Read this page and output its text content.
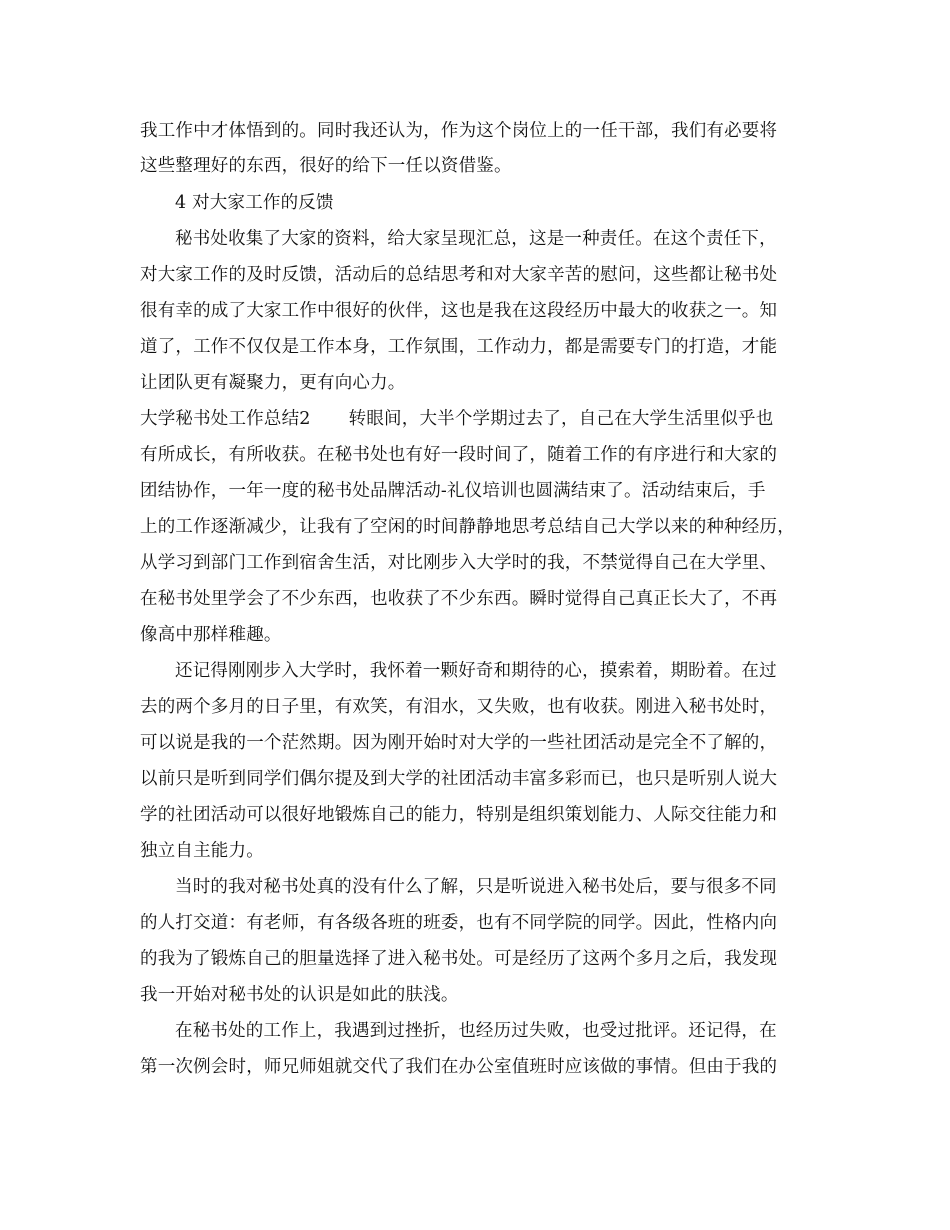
我工作中才体悟到的。同时我还认为，作为这个岗位上的一任干部，我们有必要将
这些整理好的东西，很好的给下一任以资借鉴。
4 对大家工作的反馈
秘书处收集了大家的资料，给大家呈现汇总，这是一种责任。在这个责任下，
对大家工作的及时反馈，活动后的总结思考和对大家辛苦的慰问，这些都让秘书处
很有幸的成了大家工作中很好的伙伴，这也是我在这段经历中最大的收获之一。知
道了，工作不仅仅是工作本身，工作氛围，工作动力，都是需要专门的打造，才能
让团队更有凝聚力，更有向心力。
大学秘书处工作总结2 转眼间，大半个学期过去了，自己在大学生活里似乎也
有所成长，有所收获。在秘书处也有好一段时间了，随着工作的有序进行和大家的
团结协作，一年一度的秘书处品牌活动-礼仪培训也圆满结束了。活动结束后，手
上的工作逐渐减少，让我有了空闲的时间静静地思考总结自己大学以来的种种经历，
从学习到部门工作到宿舍生活，对比刚步入大学时的我，不禁觉得自己在大学里、
在秘书处里学会了不少东西，也收获了不少东西。瞬时觉得自己真正长大了，不再
像高中那样稚趣。
还记得刚刚步入大学时，我怀着一颗好奇和期待的心，摸索着，期盼着。在过
去的两个多月的日子里，有欢笑，有泪水，又失败，也有收获。刚进入秘书处时，
可以说是我的一个茫然期。因为刚开始时对大学的一些社团活动是完全不了解的，
以前只是听到同学们偶尔提及到大学的社团活动丰富多彩而已，也只是听别人说大
学的社团活动可以很好地锻炼自己的能力，特别是组织策划能力、人际交往能力和
独立自主能力。
当时的我对秘书处真的没有什么了解，只是听说进入秘书处后，要与很多不同
的人打交道：有老师，有各级各班的班委，也有不同学院的同学。因此，性格内向
的我为了锻炼自己的胆量选择了进入秘书处。可是经历了这两个多月之后，我发现
我一开始对秘书处的认识是如此的肤浅。
在秘书处的工作上，我遇到过挫折，也经历过失败，也受过批评。还记得，在
第一次例会时，师兄师姐就交代了我们在办公室值班时应该做的事情。但由于我的
